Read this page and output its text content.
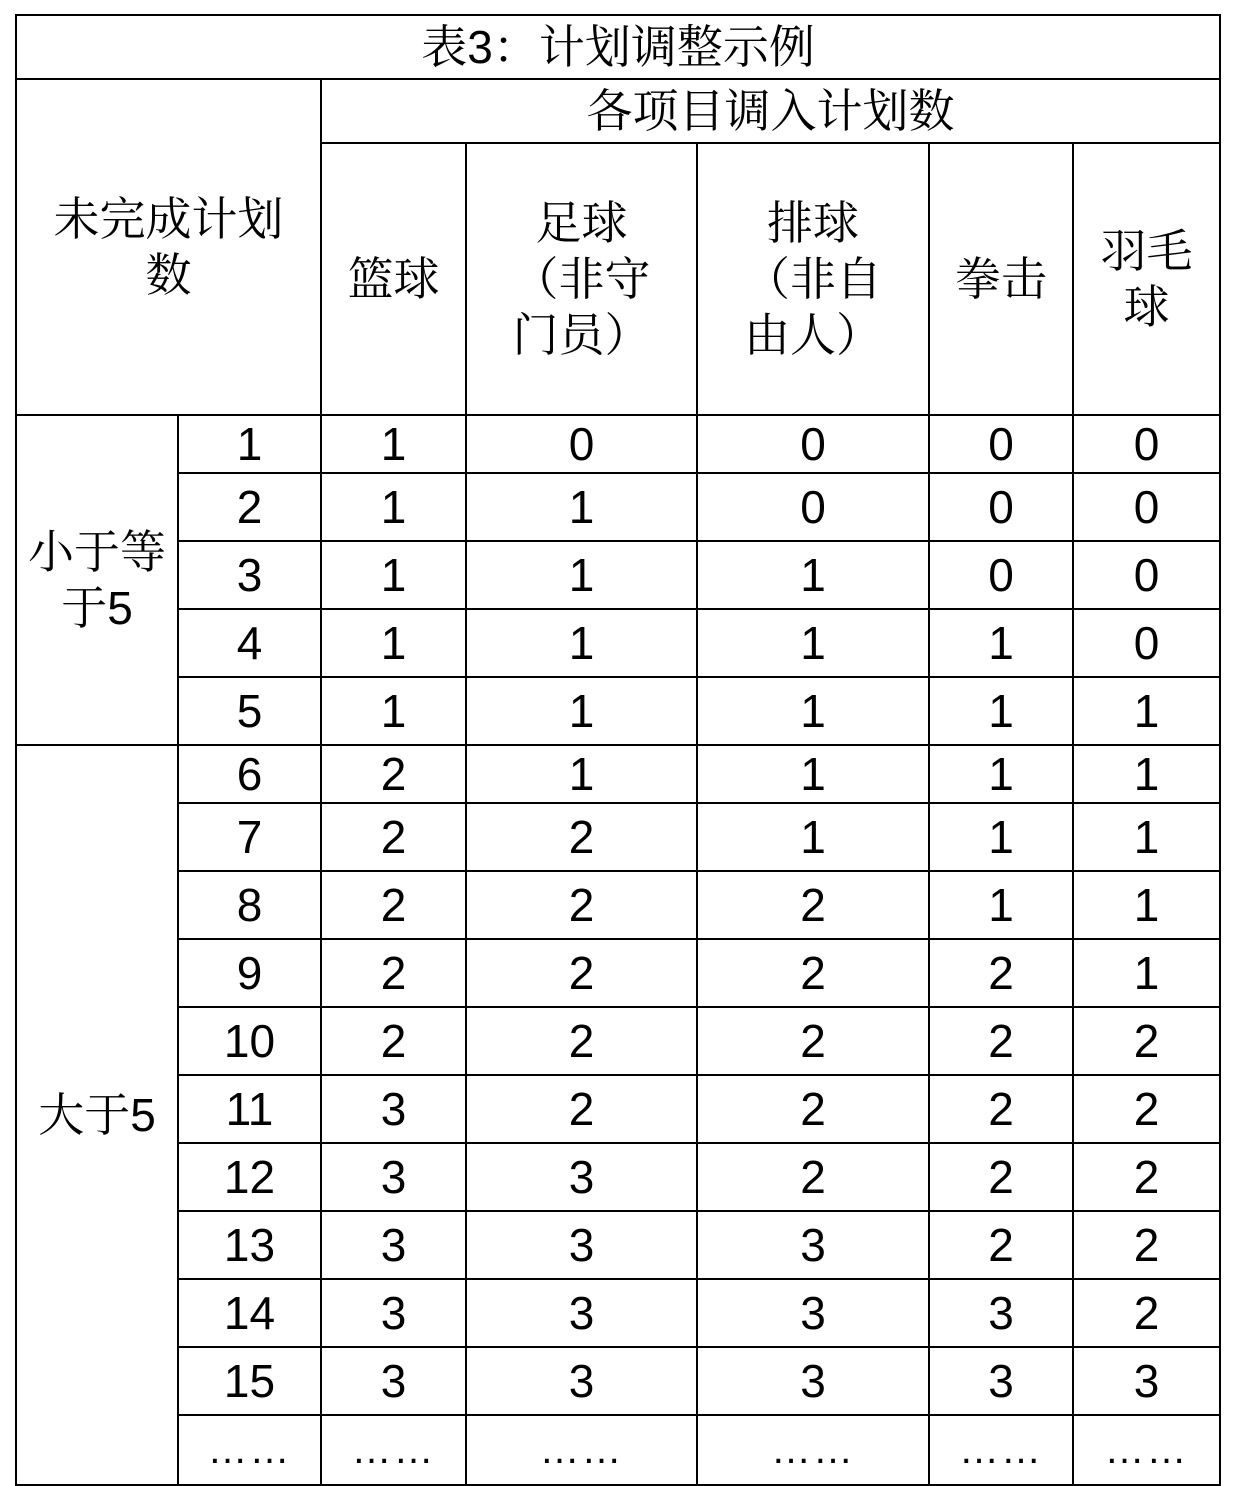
表3：计划调整示例						
未完成计划数		各项目调入计划数				
		篮球	足球（非守门员）	排球（非自由人）	拳击	羽毛球
小于等于5	1	1	0	0	0	0
	2	1	1	0	0	0
	3	1	1	1	0	0
	4	1	1	1	1	0
	5	1	1	1	1	1
大于5	6	2	1	1	1	1
	7	2	2	1	1	1
	8	2	2	2	1	1
	9	2	2	2	2	1
	10	2	2	2	2	2
	11	3	2	2	2	2
	12	3	3	2	2	2
	13	3	3	3	2	2
	14	3	3	3	3	2
	15	3	3	3	3	3
	……	……	……	……	……	……
